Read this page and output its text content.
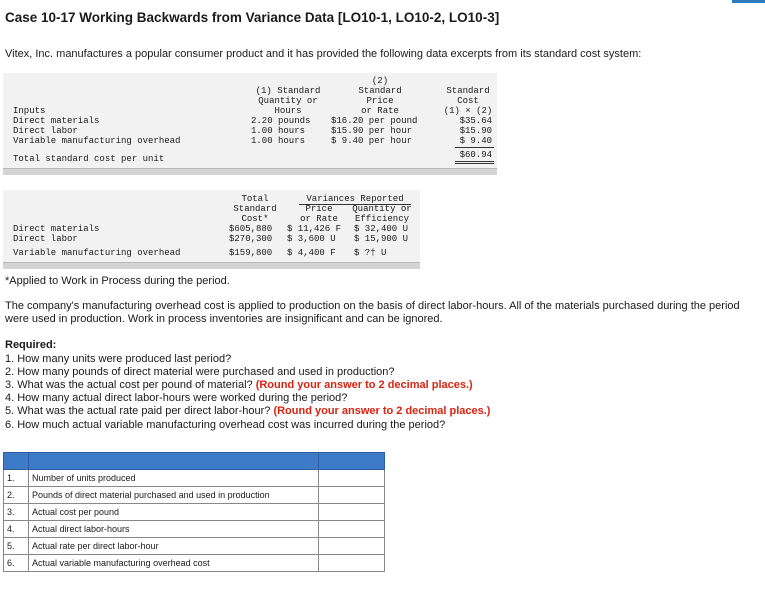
Case 10-17 Working Backwards from Variance Data [LO10-1, LO10-2, LO10-3]
Vitex, Inc. manufactures a popular consumer product and it has provided the following data excerpts from its standard cost system:
(1) Standard
Quantity or
Hours
(2)
Standard
Price
or Rate
Standard
Cost
(1) × (2)
Inputs
Direct materials	2.20 pounds $16.20 per pound	$35.64
Direct labor	1.00 hours	$15.90 per hour	$15.90
Variable manufacturing overhead	1.00 hours	$ 9.40 per hour	$ 9.40
Total standard cost per unit	$60.94
Total
Standard
Cost*
Variances Reported
Price
or Rate
Quantity or
Efficiency
Direct materials	$605,880 $ 11,426 F $ 32,400 U
Direct labor	$270,300 $ 3,600 U $ 15,900 U
Variable manufacturing overhead	$159,800 $ 4,400 F $ ?† U
*Applied to Work in Process during the period.
The company's manufacturing overhead cost is applied to production on the basis of direct labor-hours. All of the materials purchased during the period were used in production. Work in process inventories are insignificant and can be ignored.
Required:
1. How many units were produced last period?
2. How many pounds of direct material were purchased and used in production?
3. What was the actual cost per pound of material? (Round your answer to 2 decimal places.)
4. How many actual direct labor-hours were worked during the period?
5. What was the actual rate paid per direct labor-hour? (Round your answer to 2 decimal places.)
6. How much actual variable manufacturing overhead cost was incurred during the period?

1.	Number of units produced	
2.	Pounds of direct material purchased and used in production	
3.	Actual cost per pound	
4.	Actual direct labor-hours	
5.	Actual rate per direct labor-hour	
6.	Actual variable manufacturing overhead cost	
